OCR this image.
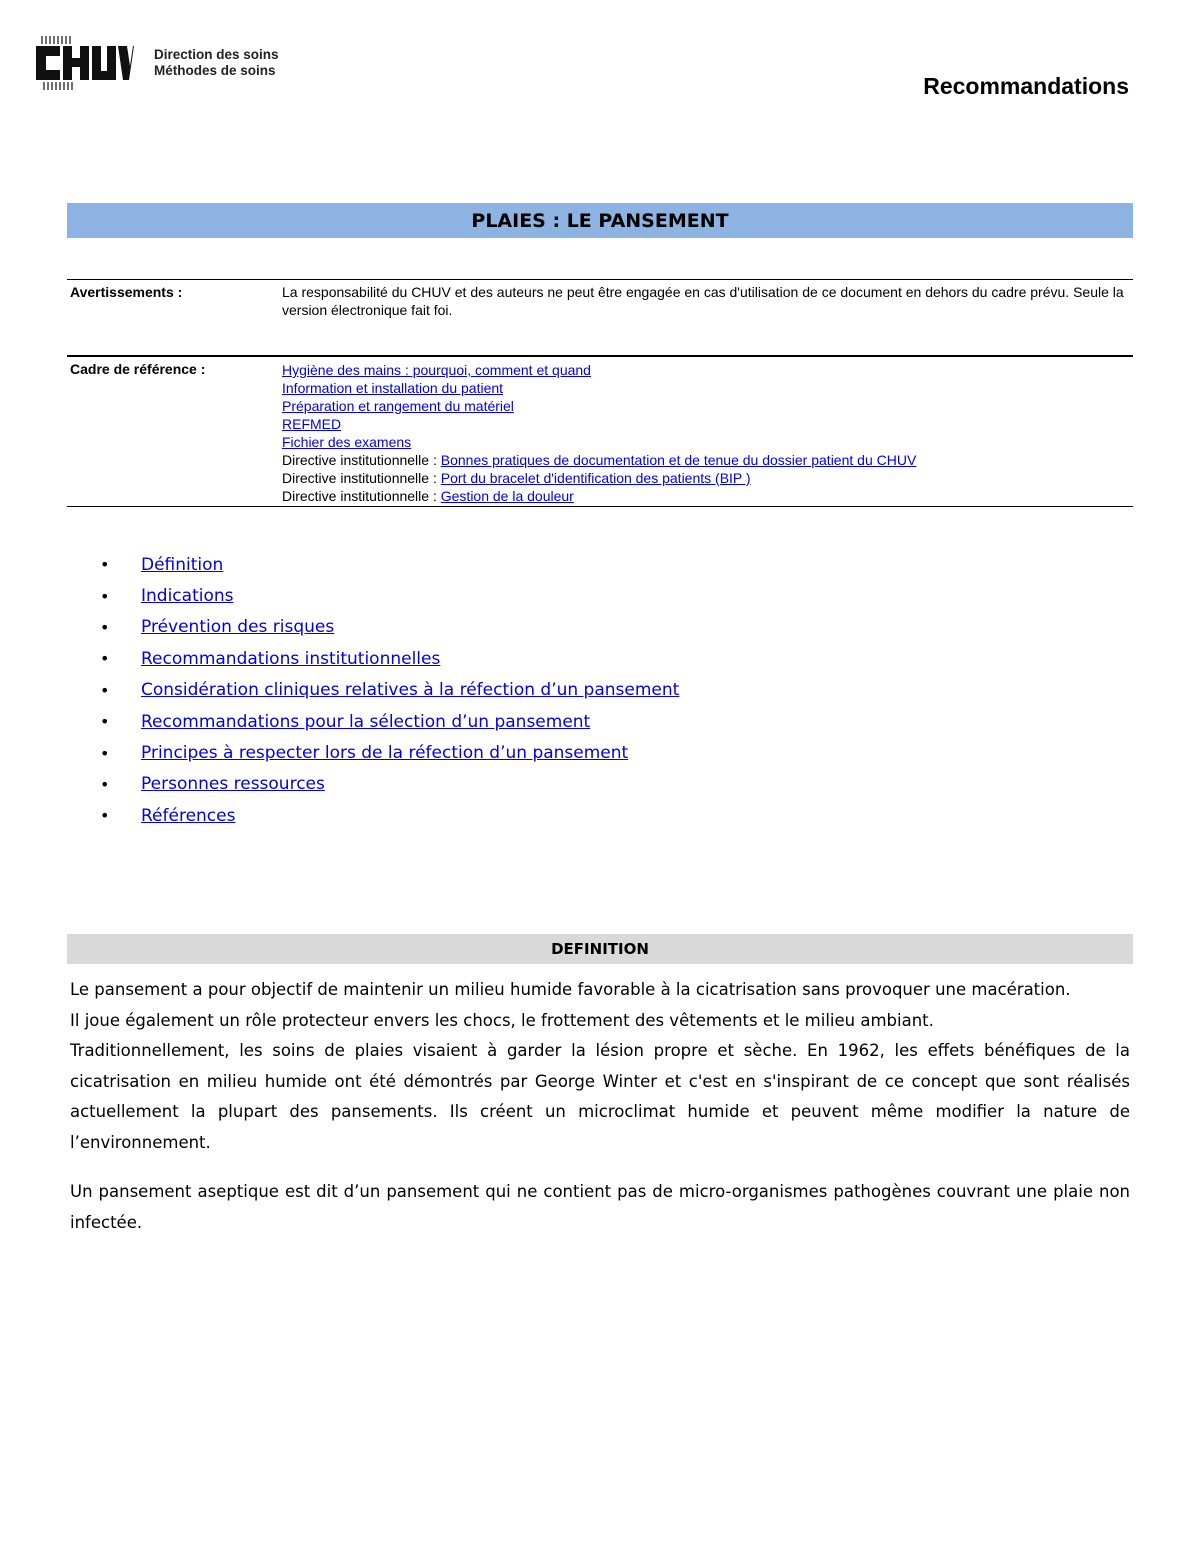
Direction des soins
Méthodes de soins
Recommandations
PLAIES : LE PANSEMENT
Avertissements :	La responsabilité du CHUV et des auteurs ne peut être engagée en cas d'utilisation de ce document en dehors du cadre prévu. Seule la version électronique fait foi.
Cadre de référence :	Hygiène des mains : pourquoi, comment et quand
Information et installation du patient
Préparation et rangement du matériel
REFMED
Fichier des examens
Directive institutionnelle : Bonnes pratiques de documentation et de tenue du dossier patient du CHUV
Directive institutionnelle : Port du bracelet d'identification des patients (BIP )
Directive institutionnelle : Gestion de la douleur
•	Définition
•	Indications
•	Prévention des risques
•	Recommandations institutionnelles
•	Considération cliniques relatives à la réfection d’un pansement
•	Recommandations pour la sélection d’un pansement
•	Principes à respecter lors de la réfection d’un pansement
•	Personnes ressources
•	Références
DEFINITION

Le pansement a pour objectif de maintenir un milieu humide favorable à la cicatrisation sans provoquer une macération.

Il joue également un rôle protecteur envers les chocs, le frottement des vêtements et le milieu ambiant.

Traditionnellement, les soins de plaies visaient à garder la lésion propre et sèche. En 1962, les effets bénéfiques de la cicatrisation en milieu humide ont été démontrés par George Winter et c'est en s'inspirant de ce concept que sont réalisés actuellement la plupart des pansements. Ils créent un microclimat humide et peuvent même modifier la nature de l’environnement.

Un pansement aseptique est dit d’un pansement qui ne contient pas de micro-organismes pathogènes couvrant une plaie non infectée.
